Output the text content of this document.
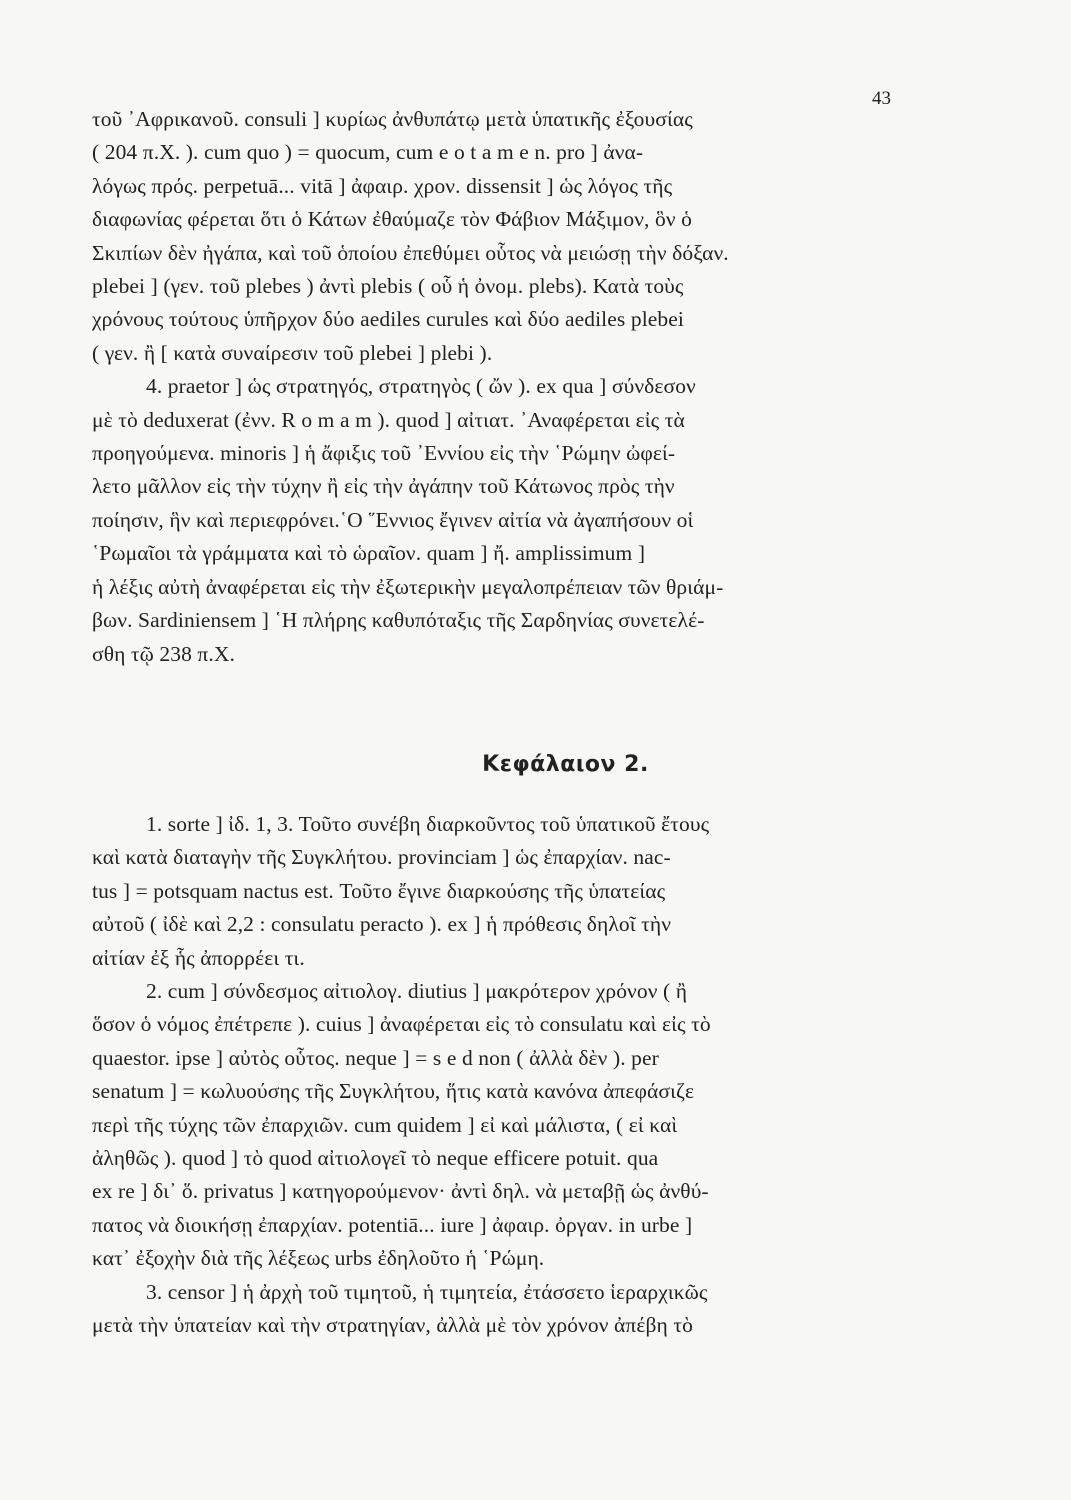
43
τοῦ ᾿Αφρικανοῦ. consuli ] κυρίως ἀνθυπάτῳ μετὰ ὑπατικῆς ἐξουσίας
( 204 π.Χ. ). cum quo ) = quocum, cum e o t a m e n. pro ] ἀνα-
λόγως πρός. perpetuā... vitā ] ἀφαιρ. χρον. dissensit ] ὡς λόγος τῆς
διαφωνίας φέρεται ὅτι ὁ Κάτων ἐθαύμαζε τὸν Φάβιον Μάξιμον, ὃν ὁ
Σκιπίων δὲν ἠγάπα, καὶ τοῦ ὁποίου ἐπεθύμει οὗτος νὰ μειώσῃ τὴν δόξαν.
plebei ] (γεν. τοῦ plebes ) ἀντὶ plebis ( οὗ ἡ ὀνομ. plebs). Κατὰ τοὺς
χρόνους τούτους ὑπῆρχον δύο aediles curules καὶ δύο aediles plebei
( γεν. ἢ [ κατὰ συναίρεσιν τοῦ plebei ] plebi ).
4. praetor ] ὡς στρατηγός, στρατηγὸς ( ὤν ). ex qua ] σύνδεσον
μὲ τὸ deduxerat (ἐνν. R o m a m ). quod ] αἰτιατ. ᾿Αναφέρεται εἰς τὰ
προηγούμενα. minoris ] ἡ ἄφιξις τοῦ ᾿Εννίου εἰς τὴν ῾Ρώμην ὠφεί-
λετο μᾶλλον εἰς τὴν τύχην ἢ εἰς τὴν ἀγάπην τοῦ Κάτωνος πρὸς τὴν
ποίησιν, ἣν καὶ περιεφρόνει.῾Ο ῞Εννιος ἔγινεν αἰτία νὰ ἀγαπήσουν οἱ
῾Ρωμαῖοι τὰ γράμματα καὶ τὸ ὡραῖον. quam ] ἤ. amplissimum ]
ἡ λέξις αὐτὴ ἀναφέρεται εἰς τὴν ἐξωτερικὴν μεγαλοπρέπειαν τῶν θριάμ-
βων. Sardiniensem ] ῾Η πλήρης καθυπόταξις τῆς Σαρδηνίας συνετελέ-
σθη τῷ 238 π.Χ.
Κεφάλαιον 2.
1. sorte ] ἰδ. 1, 3. Τοῦτο συνέβη διαρκοῦντος τοῦ ὑπατικοῦ ἔτους
καὶ κατὰ διαταγὴν τῆς Συγκλήτου. provinciam ] ὡς ἐπαρχίαν. nac-
tus ] = potsquam nactus est. Τοῦτο ἔγινε διαρκούσης τῆς ὑπατείας
αὐτοῦ ( ἰδὲ καὶ 2,2 : consulatu peracto ). ex ] ἡ πρόθεσις δηλοῖ τὴν
αἰτίαν ἐξ ἧς ἀπορρέει τι.
2. cum ] σύνδεσμος αἰτιολογ. diutius ] μακρότερον χρόνον ( ἢ
ὅσον ὁ νόμος ἐπέτρεπε ). cuius ] ἀναφέρεται εἰς τὸ consulatu καὶ εἰς τὸ
quaestor. ipse ] αὐτὸς οὗτος. neque ] = s e d non ( ἀλλὰ δὲν ). per
senatum ] = κωλυούσης τῆς Συγκλήτου, ἥτις κατὰ κανόνα ἀπεφάσιζε
περὶ τῆς τύχης τῶν ἐπαρχιῶν. cum quidem ] εἰ καὶ μάλιστα, ( εἰ καὶ
ἀληθῶς ). quod ] τὸ quod αἰτιολογεῖ τὸ neque efficere potuit. qua
ex re ] δι᾿ ὅ. privatus ] κατηγορούμενον· ἀντὶ δηλ. νὰ μεταβῇ ὡς ἀνθύ-
πατος νὰ διοικήσῃ ἐπαρχίαν. potentiā... iure ] ἀφαιρ. ὀργαν. in urbe ]
κατ᾿ ἐξοχὴν διὰ τῆς λέξεως urbs ἐδηλοῦτο ἡ ῾Ρώμη.
3. censor ] ἡ ἀρχὴ τοῦ τιμητοῦ, ἡ τιμητεία, ἐτάσσετο ἱεραρχικῶς
μετὰ τὴν ὑπατείαν καὶ τὴν στρατηγίαν, ἀλλὰ μὲ τὸν χρόνον ἀπέβη τὸ
